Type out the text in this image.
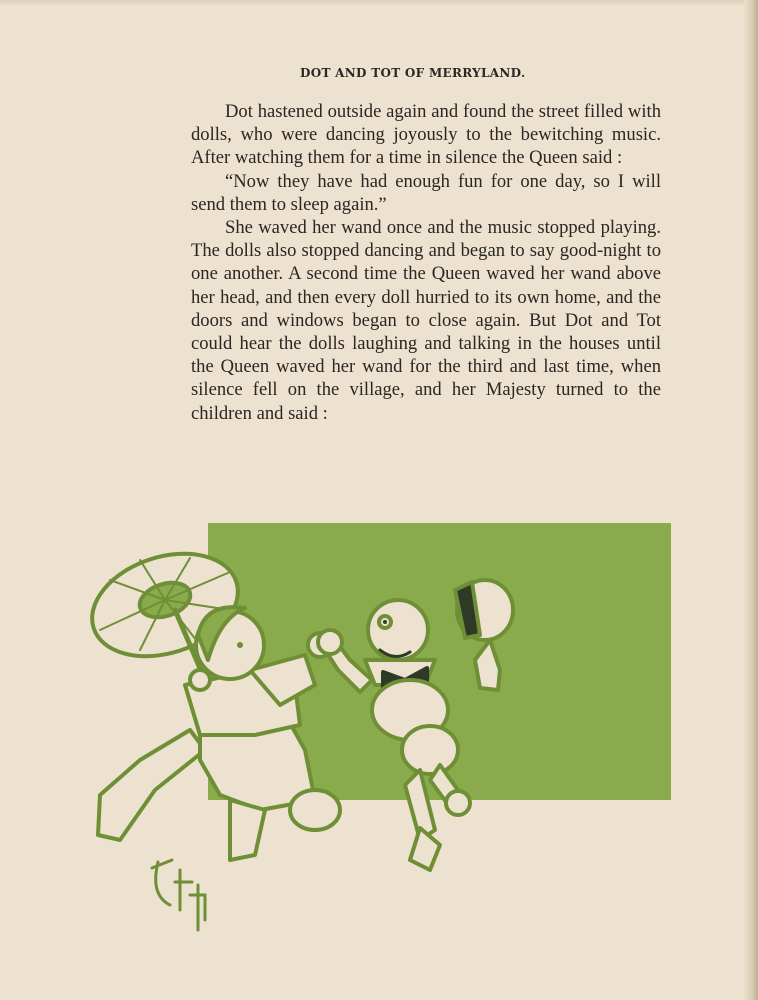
DOT AND TOT OF MERRYLAND.

Dot hastened outside again and found the street filled with dolls, who were dancing joyously to the bewitching music. After watching them for a time in silence the Queen said :

“Now they have had enough fun for one day, so I will send them to sleep again.”

She waved her wand once and the music stopped playing. The dolls also stopped dancing and began to say good-night to one another. A second time the Queen waved her wand above her head, and then every doll hurried to its own home, and the doors and windows began to close again. But Dot and Tot could hear the dolls laughing and talking in the houses until the Queen waved her wand for the third and last time, when silence fell on the village, and her Majesty turned to the children and said :
